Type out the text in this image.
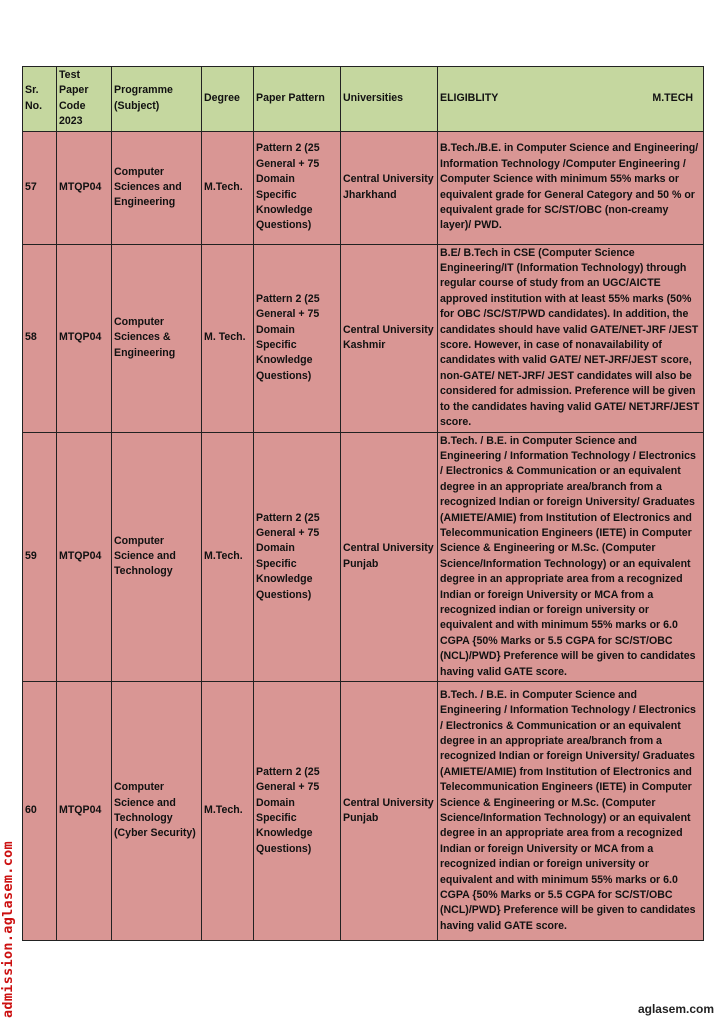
Sr. No.	Test Paper Code 2023	Programme (Subject)	Degree	Paper Pattern	Universities	ELIGIBLITY M.TECH

57	MTQP04	Computer Sciences and Engineering	M.Tech.	Pattern 2 (25 General + 75 Domain Specific Knowledge Questions)	Central University Jharkhand	B.Tech./B.E. in Computer Science and Engineering/ Information Technology /Computer Engineering / Computer Science with minimum 55% marks or equivalent grade for General Category and 50 % or equivalent grade for SC/ST/OBC (non-creamy layer)/ PWD.
58	MTQP04	Computer Sciences & Engineering	M. Tech.	Pattern 2 (25 General + 75 Domain Specific Knowledge Questions)	Central University Kashmir	B.E/ B.Tech in CSE (Computer Science Engineering/IT (Information Technology) through regular course of study from an UGC/AICTE approved institution with at least 55% marks (50% for OBC /SC/ST/PWD candidates). In addition, the candidates should have valid GATE/NET-JRF /JEST score. However, in case of nonavailability of candidates with valid GATE/ NET-JRF/JEST score, non-GATE/ NET-JRF/ JEST candidates will also be considered for admission. Preference will be given to the candidates having valid GATE/ NETJRF/JEST score.
59	MTQP04	Computer Science and Technology	M.Tech.	Pattern 2 (25 General + 75 Domain Specific Knowledge Questions)	Central University Punjab	B.Tech. / B.E. in Computer Science and Engineering / Information Technology / Electronics / Electronics & Communication or an equivalent degree in an appropriate area/branch from a recognized Indian or foreign University/ Graduates (AMIETE/AMIE) from Institution of Electronics and Telecommunication Engineers (IETE) in Computer Science & Engineering or M.Sc. (Computer Science/Information Technology) or an equivalent degree in an appropriate area from a recognized Indian or foreign University or MCA from a recognized indian or foreign university or equivalent and with minimum 55% marks or 6.0 CGPA {50% Marks or 5.5 CGPA for SC/ST/OBC (NCL)/PWD} Preference will be given to candidates having valid GATE score.
60	MTQP04	Computer Science and Technology (Cyber Security)	M.Tech.	Pattern 2 (25 General + 75 Domain Specific Knowledge Questions)	Central University Punjab	B.Tech. / B.E. in Computer Science and Engineering / Information Technology / Electronics / Electronics & Communication or an equivalent degree in an appropriate area/branch from a recognized Indian or foreign University/ Graduates (AMIETE/AMIE) from Institution of Electronics and Telecommunication Engineers (IETE) in Computer Science & Engineering or M.Sc. (Computer Science/Information Technology) or an equivalent degree in an appropriate area from a recognized Indian or foreign University or MCA from a recognized indian or foreign university or equivalent and with minimum 55% marks or 6.0 CGPA {50% Marks or 5.5 CGPA for SC/ST/OBC (NCL)/PWD} Preference will be given to candidates having valid GATE score.
admission.aglasem.com	aglasem.com
